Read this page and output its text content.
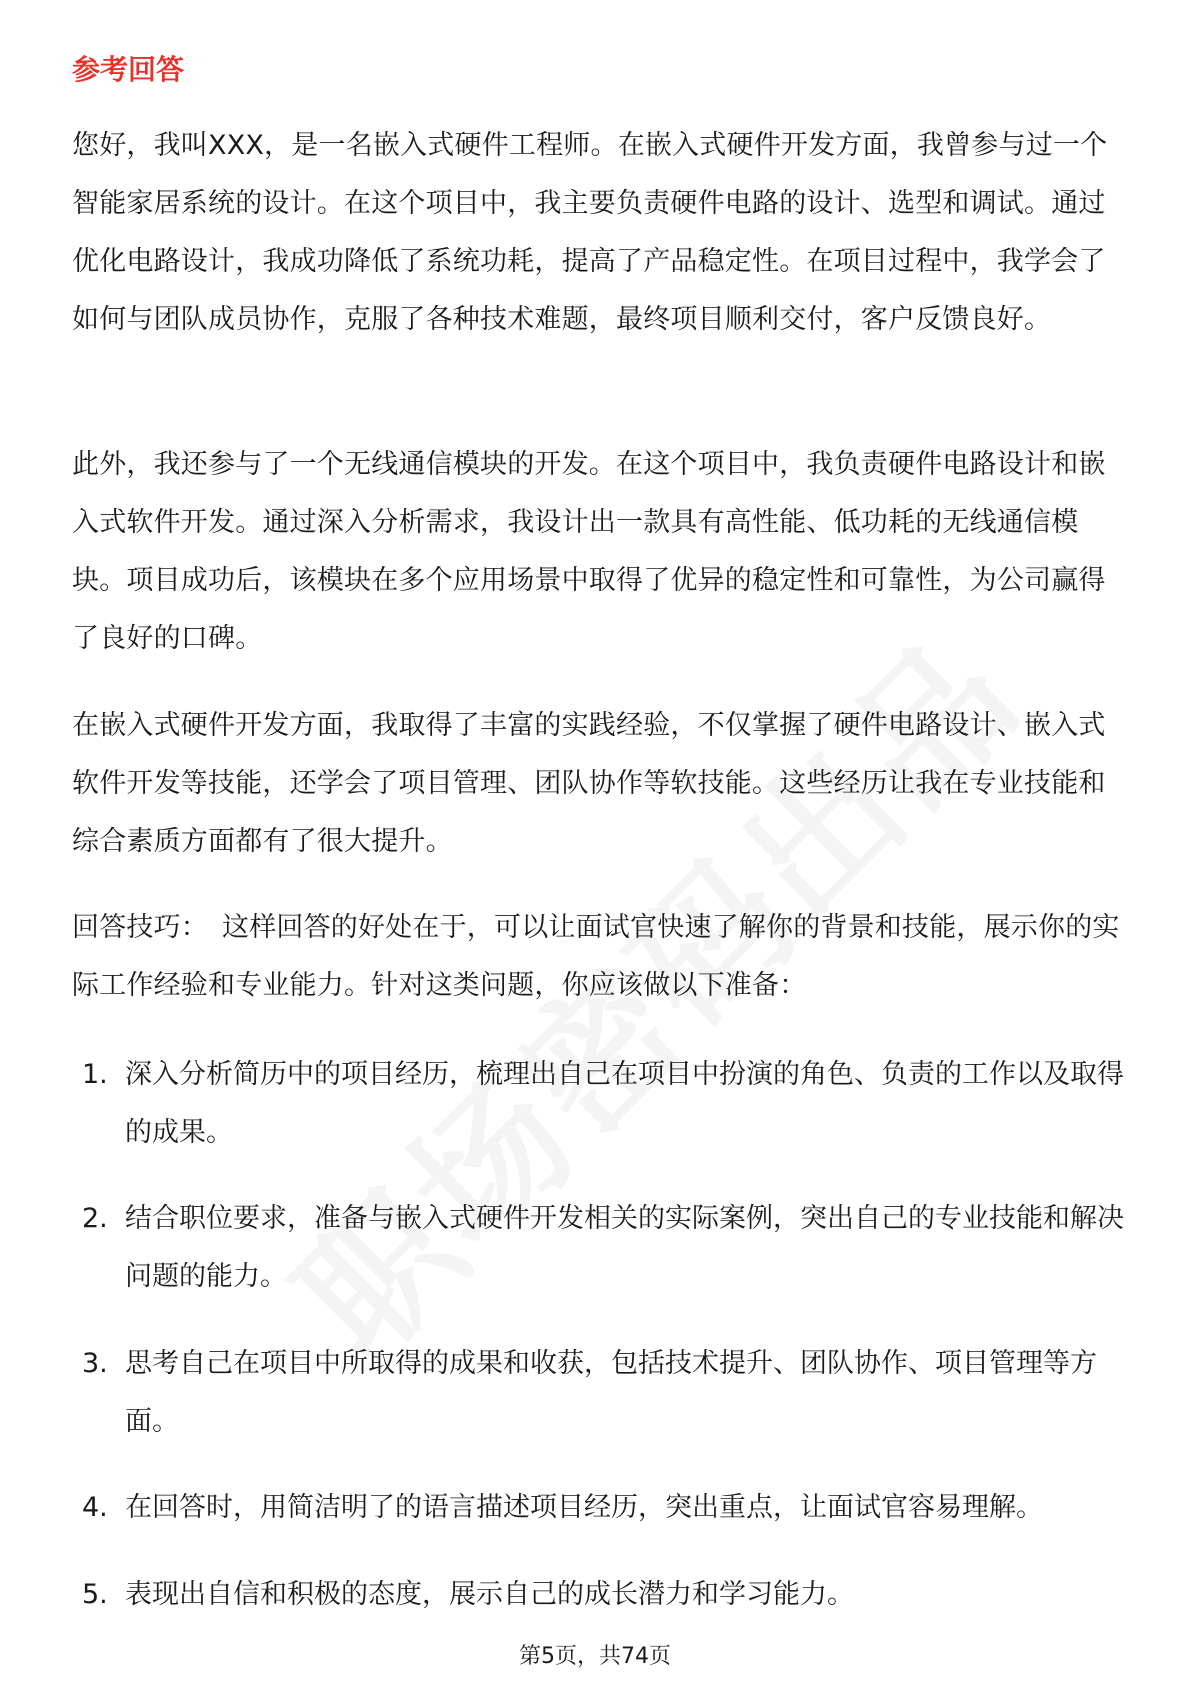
参考回答

您好，我叫XXX，是一名嵌入式硬件工程师。在嵌入式硬件开发方面，我曾参与过一个智能家居系统的设计。在这个项目中，我主要负责硬件电路的设计、选型和调试。通过优化电路设计，我成功降低了系统功耗，提高了产品稳定性。在项目过程中，我学会了如何与团队成员协作，克服了各种技术难题，最终项目顺利交付，客户反馈良好。

此外，我还参与了一个无线通信模块的开发。在这个项目中，我负责硬件电路设计和嵌入式软件开发。通过深入分析需求，我设计出一款具有高性能、低功耗的无线通信模块。项目成功后，该模块在多个应用场景中取得了优异的稳定性和可靠性，为公司赢得了良好的口碑。

在嵌入式硬件开发方面，我取得了丰富的实践经验，不仅掌握了硬件电路设计、嵌入式软件开发等技能，还学会了项目管理、团队协作等软技能。这些经历让我在专业技能和综合素质方面都有了很大提升。

回答技巧： 这样回答的好处在于，可以让面试官快速了解你的背景和技能，展示你的实际工作经验和专业能力。针对这类问题，你应该做以下准备：

1. 深入分析简历中的项目经历，梳理出自己在项目中扮演的角色、负责的工作以及取得的成果。
2. 结合职位要求，准备与嵌入式硬件开发相关的实际案例，突出自己的专业技能和解决问题的能力。
3. 思考自己在项目中所取得的成果和收获，包括技术提升、团队协作、项目管理等方面。
4. 在回答时，用简洁明了的语言描述项目经历，突出重点，让面试官容易理解。
5. 表现出自信和积极的态度，展示自己的成长潜力和学习能力。
第5页，共74页
